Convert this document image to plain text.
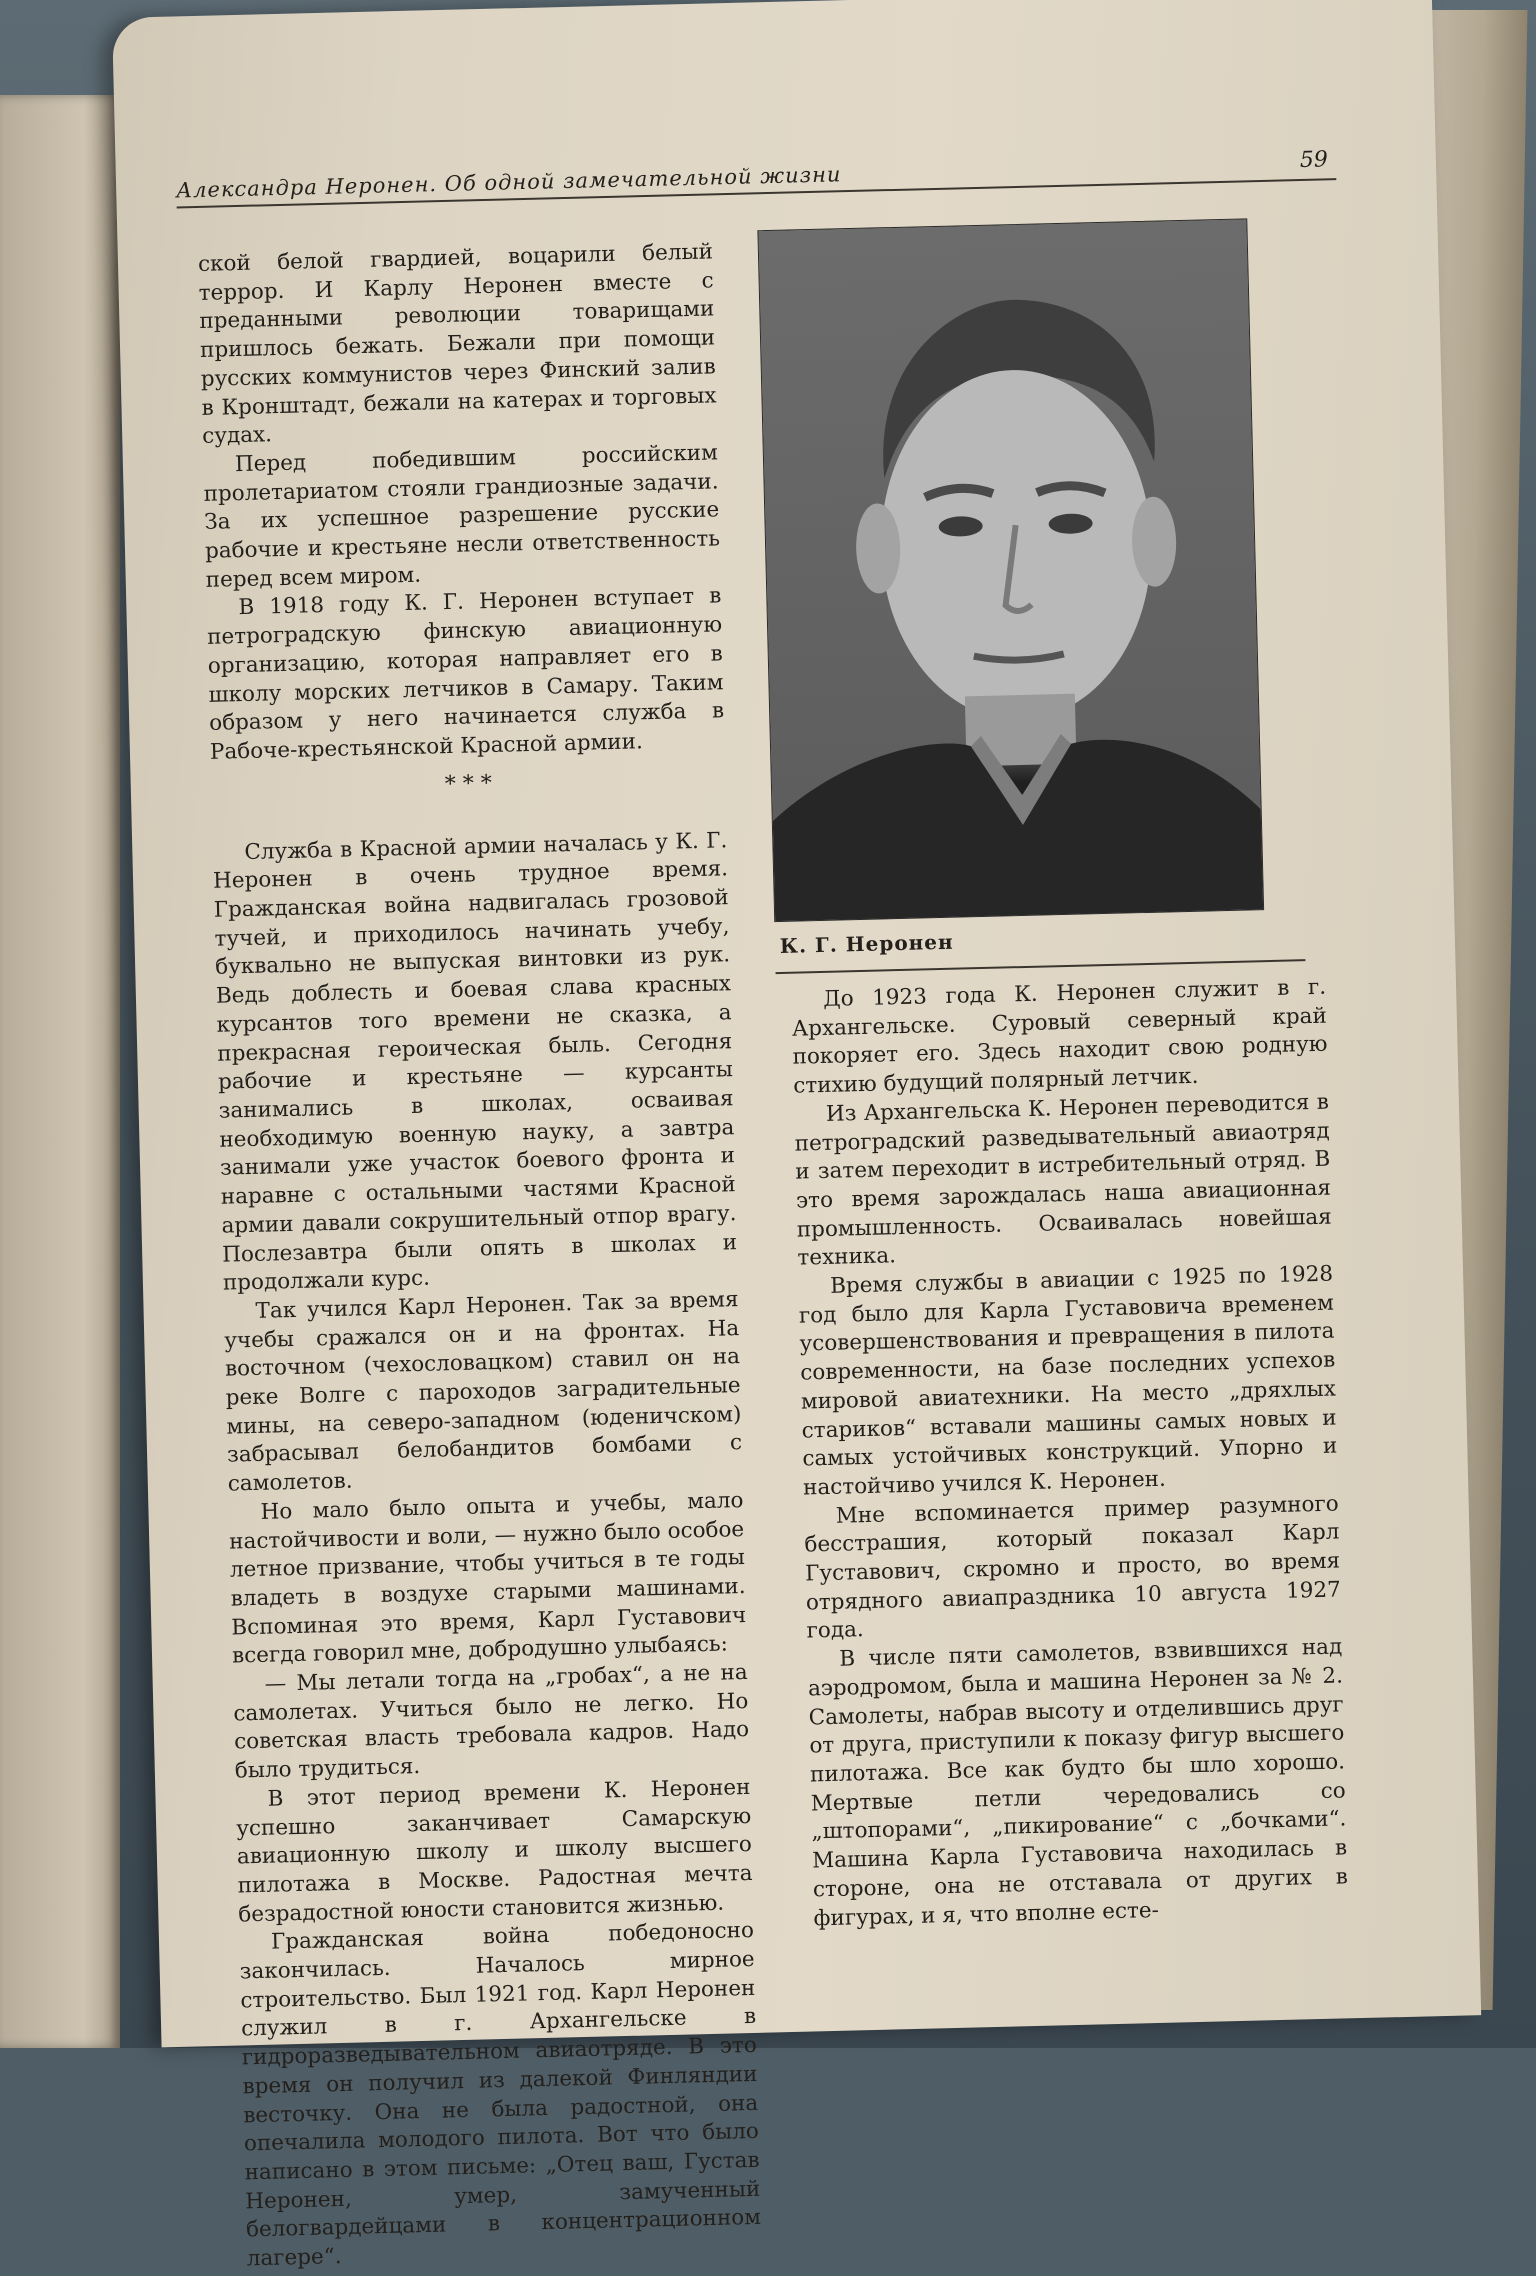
Александра Неронен. Об одной замечательной жизни
59

ской белой гвардией, воцарили белый террор. И Карлу Неронен вместе с преданными революции товарищами пришлось бежать. Бежали при помощи русских коммунистов через Финский залив в Кронштадт, бежали на катерах и торговых судах.

Перед победившим российским пролетариатом стояли грандиозные задачи. За их успешное разрешение русские рабочие и крестьяне несли ответственность перед всем миром.

В 1918 году К. Г. Неронен вступает в петроградскую финскую авиационную организацию, которая направляет его в школу морских летчиков в Самару. Таким образом у него начинается служба в Рабоче-крестьянской Красной армии.

* * *

Служба в Красной армии началась у К. Г. Неронен в очень трудное время. Гражданская война надвигалась грозовой тучей, и приходилось начинать учебу, буквально не выпуская винтовки из рук. Ведь доблесть и боевая слава красных курсантов того времени не сказка, а прекрасная героическая быль. Сегодня рабочие и крестьяне — курсанты занимались в школах, осваивая необходимую военную науку, а завтра занимали уже участок боевого фронта и наравне с остальными частями Красной армии давали сокрушительный отпор врагу. Послезавтра были опять в школах и продолжали курс.

Так учился Карл Неронен. Так за время учебы сражался он и на фронтах. На восточном (чехословацком) ставил он на реке Волге с пароходов заградительные мины, на северо-западном (юденичском) забрасывал белобандитов бомбами с самолетов.

Но мало было опыта и учебы, мало настойчивости и воли, — нужно было особое летное призвание, чтобы учиться в те годы владеть в воздухе старыми машинами. Вспоминая это время, Карл Густавович всегда говорил мне, добродушно улыбаясь:

— Мы летали тогда на „гробах“, а не на самолетах. Учиться было не легко. Но советская власть требовала кадров. Надо было трудиться.

В этот период времени К. Неронен успешно заканчивает Самарскую авиационную школу и школу высшего пилотажа в Москве. Радостная мечта безрадостной юности становится жизнью.

Гражданская война победоносно закончилась. Началось мирное строительство. Был 1921 год. Карл Неронен служил в г. Архангельске в гидроразведывательном авиаотряде. В это время он получил из далекой Финляндии весточку. Она не была радостной, она опечалила молодого пилота. Вот что было написано в этом письме: „Отец ваш, Густав Неронен, умер, замученный белогвардейцами в концентрационном лагере“.

К. Г. Неронен

До 1923 года К. Неронен служит в г. Архангельске. Суровый северный край покоряет его. Здесь находит свою родную стихию будущий полярный летчик.

Из Архангельска К. Неронен переводится в петроградский разведывательный авиаотряд и затем переходит в истребительный отряд. В это время зарождалась наша авиационная промышленность. Осваивалась новейшая техника.

Время службы в авиации с 1925 по 1928 год было для Карла Густавовича временем усовершенствования и превращения в пилота современности, на базе последних успехов мировой авиатехники. На место „дряхлых стариков“ вставали машины самых новых и самых устойчивых конструкций. Упорно и настойчиво учился К. Неронен.

Мне вспоминается пример разумного бесстрашия, который показал Карл Густавович, скромно и просто, во время отрядного авиапраздника 10 августа 1927 года.

В числе пяти самолетов, взвившихся над аэродромом, была и машина Неронен за № 2. Самолеты, набрав высоту и отделившись друг от друга, приступили к показу фигур высшего пилотажа. Все как будто бы шло хорошо. Мертвые петли чередовались со „штопорами“, „пикированиe“ с „бочками“. Машина Карла Густавовича находилась в стороне, она не отставала от других в фигурах, и я, что вполне есте-
